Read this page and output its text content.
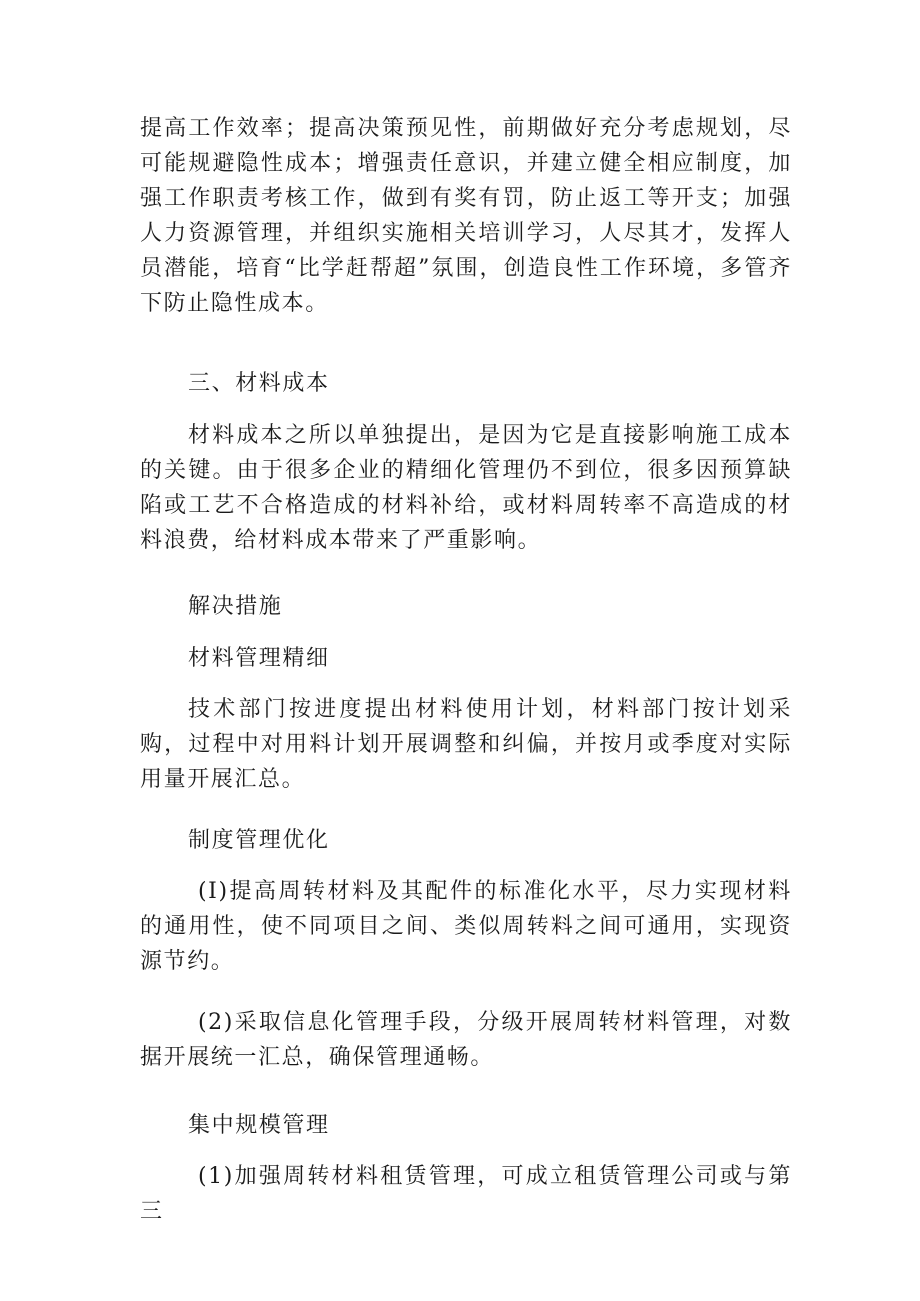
提高工作效率；提高决策预见性，前期做好充分考虑规划，尽可能规避隐性成本；增强责任意识，并建立健全相应制度，加强工作职责考核工作，做到有奖有罚，防止返工等开支；加强人力资源管理，并组织实施相关培训学习，人尽其才，发挥人员潜能，培育“比学赶帮超”氛围，创造良性工作环境，多管齐下防止隐性成本。

三、材料成本

材料成本之所以单独提出，是因为它是直接影响施工成本的关键。由于很多企业的精细化管理仍不到位，很多因预算缺陷或工艺不合格造成的材料补给，或材料周转率不高造成的材料浪费，给材料成本带来了严重影响。

解决措施

材料管理精细

技术部门按进度提出材料使用计划，材料部门按计划采购，过程中对用料计划开展调整和纠偏，并按月或季度对实际用量开展汇总。

制度管理优化

(I)提高周转材料及其配件的标准化水平，尽力实现材料的通用性，使不同项目之间、类似周转料之间可通用，实现资源节约。

(2)采取信息化管理手段，分级开展周转材料管理，对数据开展统一汇总，确保管理通畅。

集中规模管理

(1)加强周转材料租赁管理，可成立租赁管理公司或与第三
